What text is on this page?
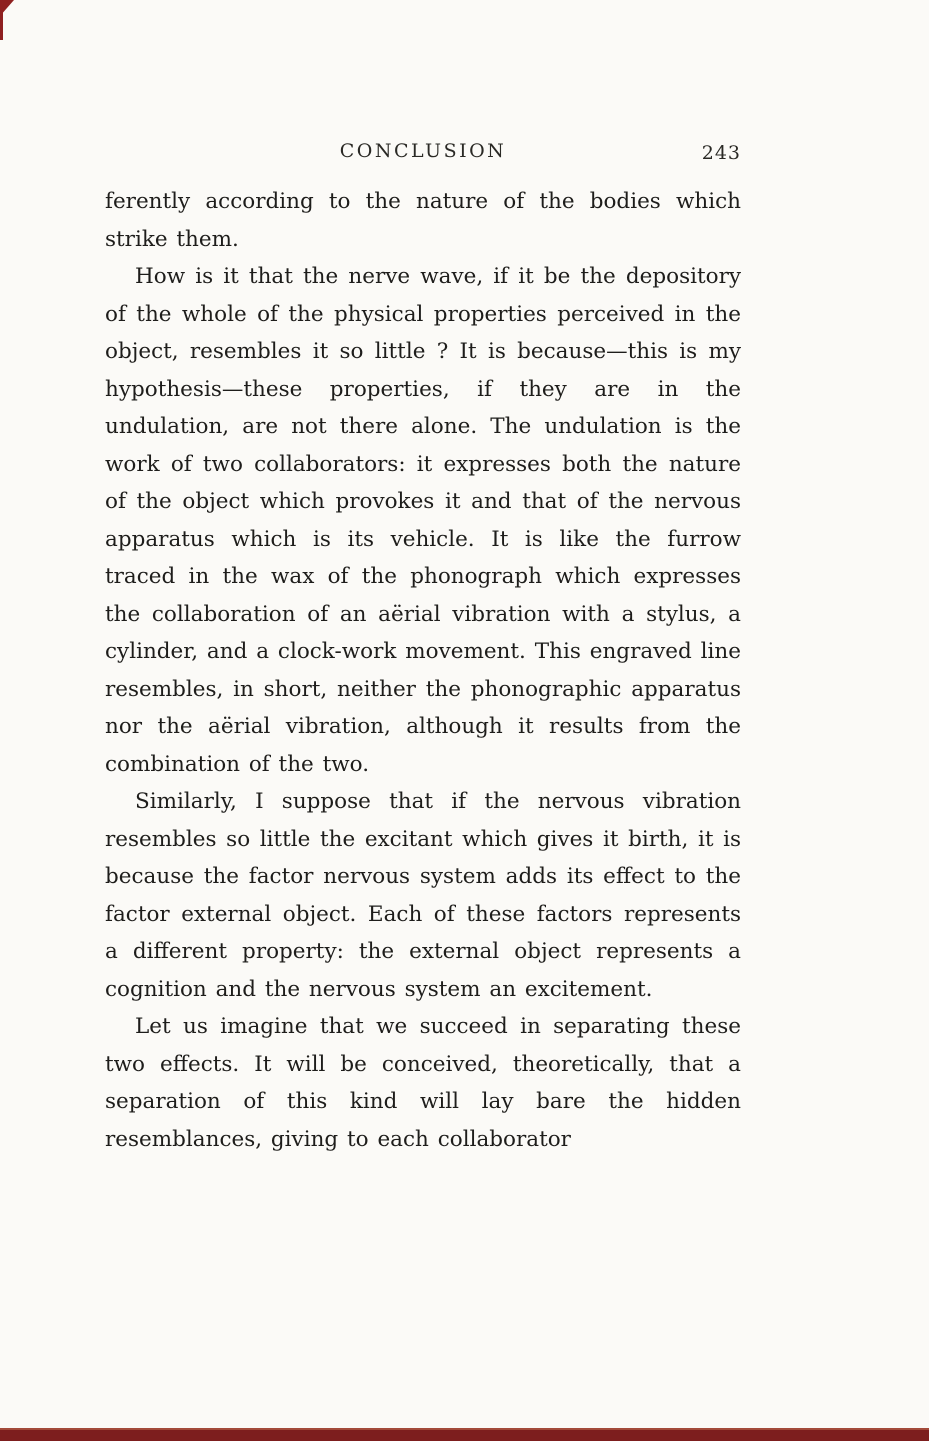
CONCLUSION	243

ferently according to the nature of the bodies which strike them.

How is it that the nerve wave, if it be the depository of the whole of the physical properties perceived in the object, resembles it so little ? It is because—this is my hypothesis—these properties, if they are in the undulation, are not there alone. The undulation is the work of two collaborators: it expresses both the nature of the object which provokes it and that of the nervous apparatus which is its vehicle. It is like the furrow traced in the wax of the phonograph which expresses the collaboration of an aërial vibration with a stylus, a cylinder, and a clock-work movement. This engraved line resembles, in short, neither the phonographic apparatus nor the aërial vibration, although it results from the combination of the two.

Similarly, I suppose that if the nervous vibration resembles so little the excitant which gives it birth, it is because the factor nervous system adds its effect to the factor external object. Each of these factors represents a different property: the external object represents a cognition and the nervous system an excitement.

Let us imagine that we succeed in separating these two effects. It will be conceived, theoretically, that a separation of this kind will lay bare the hidden resemblances, giving to each collaborator
